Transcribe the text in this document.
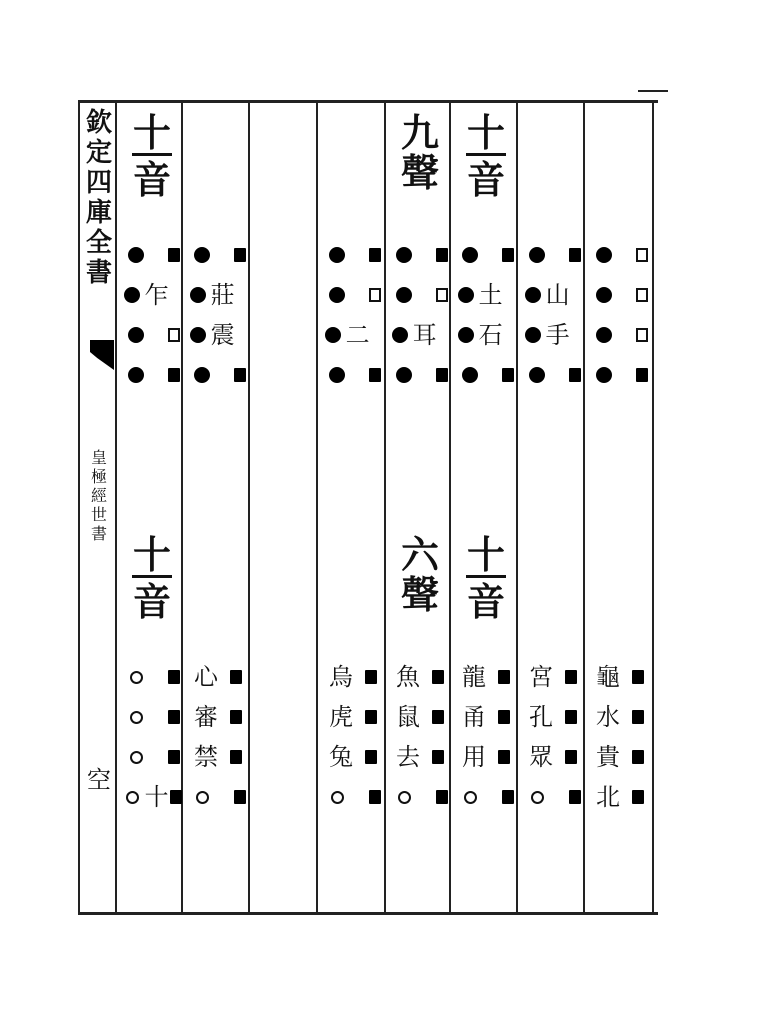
欽定四庫全書
皇極經世書
空
十
音
乍
十
音
十
莊
震
心
審
禁
二
烏
虎
兔
九
聲
耳
六
聲
魚
鼠
去
十
音
土
石
十
音
龍
甬
用
山
手
宮
孔
眾
龜
水
貴
北
